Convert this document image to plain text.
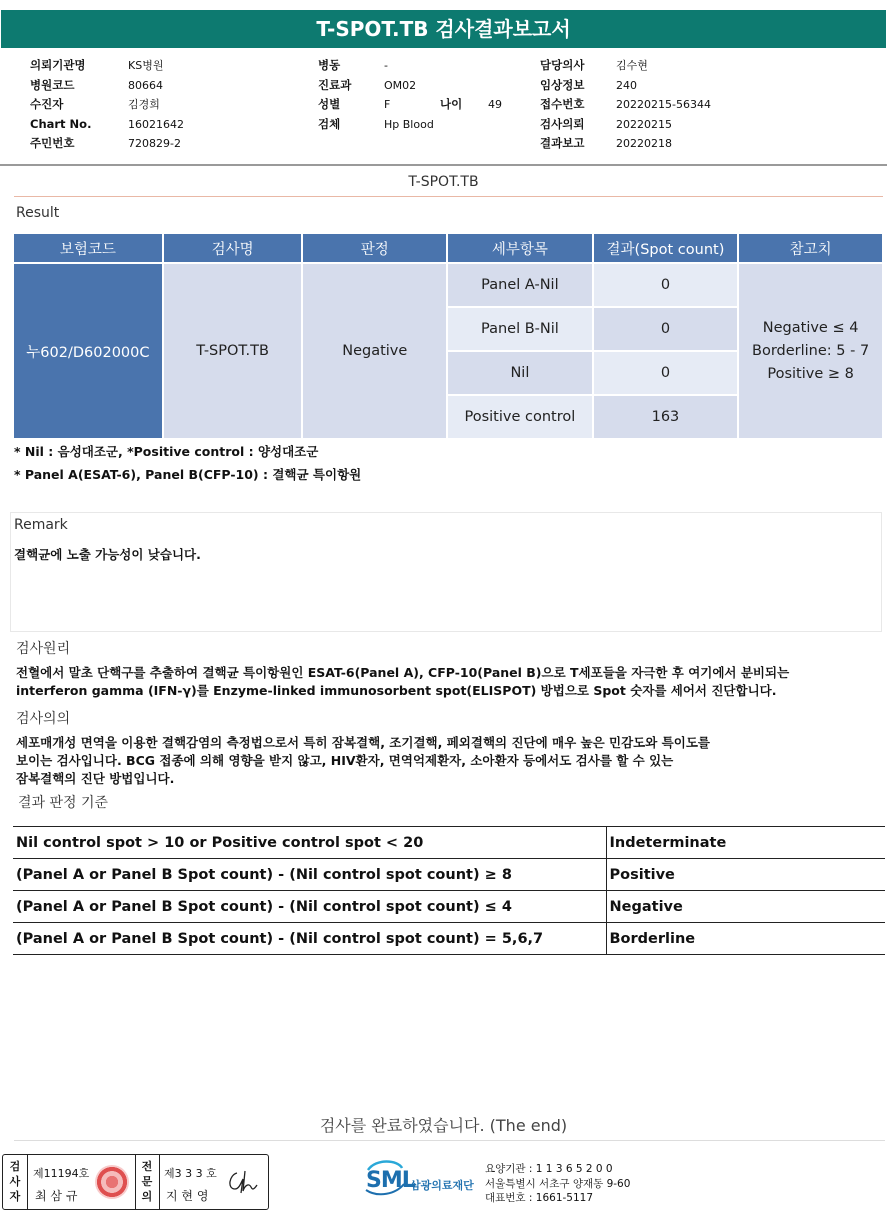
T-SPOT.TB 검사결과보고서
의뢰기관명	KS병원
병원코드	80664
수진자	김경희
Chart No.	16021642
주민번호	720829-2
병동	-
진료과	OM02
성별	F	나이	49
검체	Hp Blood
담당의사	김수현
임상정보	240
접수번호	20220215-56344
검사의뢰	20220215
결과보고	20220218
T-SPOT.TB
Result
보험코드	검사명	판정	세부항목	결과(Spot count)	참고치
누602/D602000C	T-SPOT.TB	Negative	Panel A-Nil	0	Negative ≤ 4
Borderline: 5 - 7
Positive ≥ 8

			Panel B-Nil	0	
			Nil	0	
			Positive control	163	
* Nil : 음성대조군, *Positive control : 양성대조군
* Panel A(ESAT-6), Panel B(CFP-10) : 결핵균 특이항원
Remark
결핵균에 노출 가능성이 낮습니다.
검사원리
전혈에서 말초 단핵구를 추출하여 결핵균 특이항원인 ESAT-6(Panel A), CFP-10(Panel B)으로 T세포들을 자극한 후 여기에서 분비되는
interferon gamma (IFN-γ)를 Enzyme-linked immunosorbent spot(ELISPOT) 방법으로 Spot 숫자를 세어서 진단합니다.
검사의의
세포매개성 면역을 이용한 결핵감염의 측정법으로서 특히 잠복결핵, 조기결핵, 페외결핵의 진단에 매우 높은 민감도와 특이도를
보이는 검사입니다. BCG 접종에 의해 영향을 받지 않고, HIV환자, 면역억제환자, 소아환자 등에서도 검사를 할 수 있는
잠복결핵의 진단 방법입니다.
결과 판정 기준
Nil control spot > 10 or Positive control spot < 20	Indeterminate
(Panel A or Panel B Spot count) - (Nil control spot count) ≥ 8	Positive
(Panel A or Panel B Spot count) - (Nil control spot count) ≤ 4	Negative
(Panel A or Panel B Spot count) - (Nil control spot count) = 5,6,7	Borderline
검사를 완료하였습니다. (The end)
검사자
제11194호
최 삼 규
전문의
제3 3 3 호
지 현 영
SML
삼광의료재단
요양기관 : 1 1 3 6 5 2 0 0
서울특별시 서초구 양재동 9-60
대표번호 : 1661-5117
